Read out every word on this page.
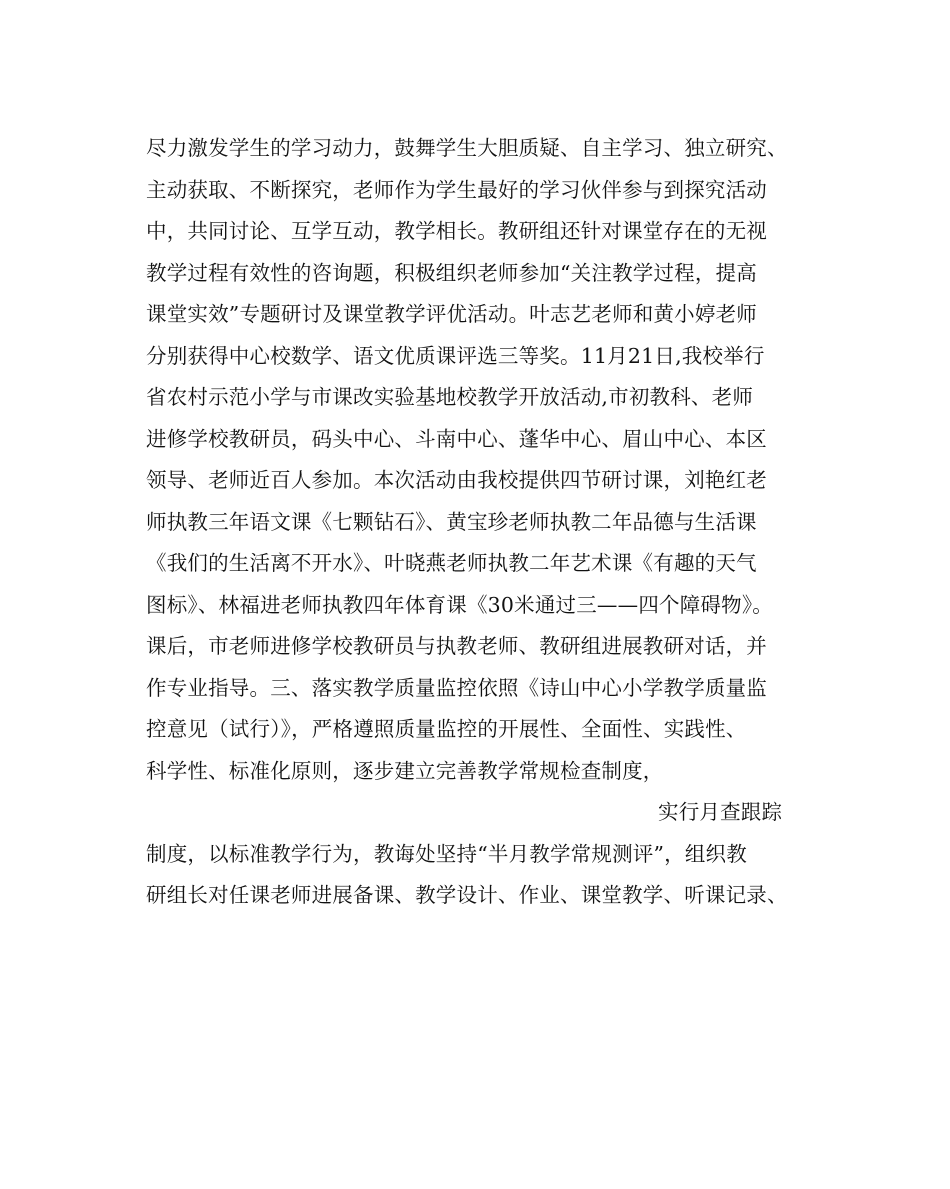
尽力激发学生的学习动力，鼓舞学生大胆质疑、自主学习、独立研究、
主动获取、不断探究，老师作为学生最好的学习伙伴参与到探究活动
中，共同讨论、互学互动，教学相长。教研组还针对课堂存在的无视
教学过程有效性的咨询题，积极组织老师参加“关注教学过程，提高
课堂实效”专题研讨及课堂教学评优活动。叶志艺老师和黄小婷老师
分别获得中心校数学、语文优质课评选三等奖。11月21日,我校举行
省农村示范小学与市课改实验基地校教学开放活动,市初教科、老师
进修学校教研员，码头中心、斗南中心、蓬华中心、眉山中心、本区
领导、老师近百人参加。本次活动由我校提供四节研讨课，刘艳红老
师执教三年语文课《七颗钻石》、黄宝珍老师执教二年品德与生活课
《我们的生活离不开水》、叶晓燕老师执教二年艺术课《有趣的天气
图标》、林福进老师执教四年体育课《30米通过三——四个障碍物》。
课后，市老师进修学校教研员与执教老师、教研组进展教研对话，并
作专业指导。三、落实教学质量监控依照《诗山中心小学教学质量监
控意见（试行）》，严格遵照质量监控的开展性、全面性、实践性、
科学性、标准化原则，逐步建立完善教学常规检查制度，
实行月查跟踪
制度，以标准教学行为，教诲处坚持“半月教学常规测评”，组织教
研组长对任课老师进展备课、教学设计、作业、课堂教学、听课记录、
